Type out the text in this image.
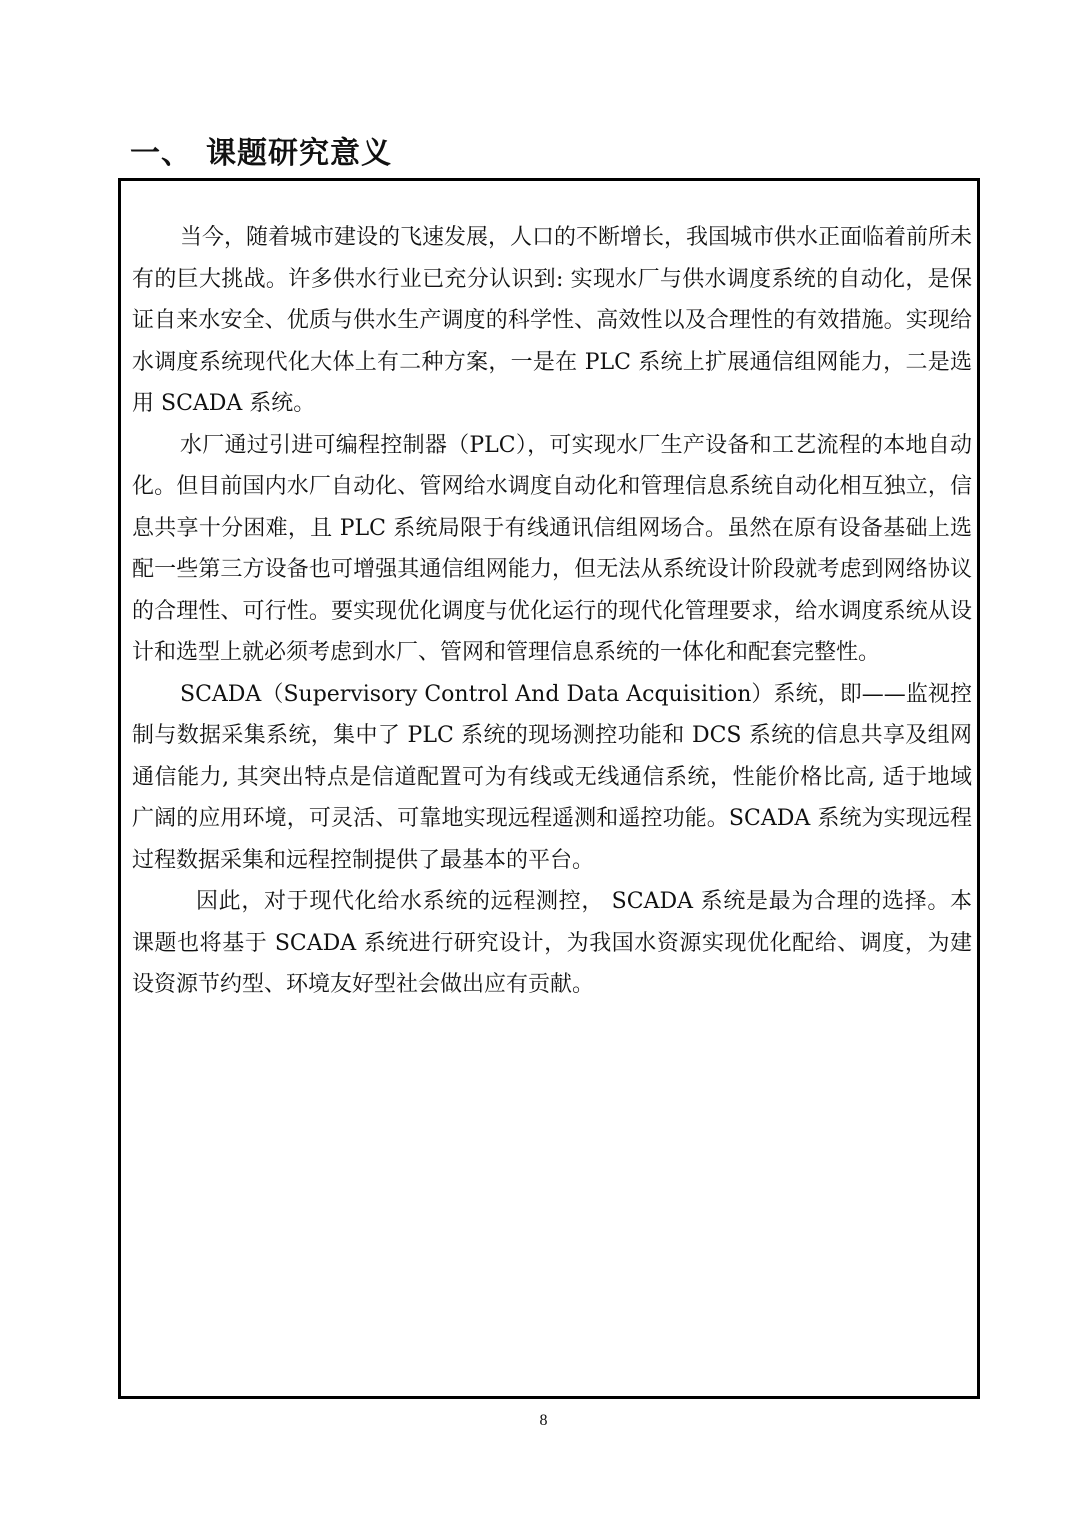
一、 课题研究意义

当今，随着城市建设的飞速发展，人口的不断增长，我国城市供水正面临着前所未有的巨大挑战。许多供水行业已充分认识到: 实现水厂与供水调度系统的自动化，是保证自来水安全、优质与供水生产调度的科学性、高效性以及合理性的有效措施。实现给水调度系统现代化大体上有二种方案，一是在 PLC 系统上扩展通信组网能力，二是选用 SCADA 系统。

水厂通过引进可编程控制器（PLC），可实现水厂生产设备和工艺流程的本地自动化。但目前国内水厂自动化、管网给水调度自动化和管理信息系统自动化相互独立，信息共享十分困难，且 PLC 系统局限于有线通讯信组网场合。虽然在原有设备基础上选配一些第三方设备也可增强其通信组网能力，但无法从系统设计阶段就考虑到网络协议的合理性、可行性。要实现优化调度与优化运行的现代化管理要求，给水调度系统从设计和选型上就必须考虑到水厂、管网和管理信息系统的一体化和配套完整性。

SCADA（Supervisory Control And Data Acquisition）系统，即——监视控制与数据采集系统，集中了 PLC 系统的现场测控功能和 DCS 系统的信息共享及组网通信能力, 其突出特点是信道配置可为有线或无线通信系统，性能价格比高, 适于地域广阔的应用环境，可灵活、可靠地实现远程遥测和遥控功能。SCADA 系统为实现远程过程数据采集和远程控制提供了最基本的平台。

因此，对于现代化给水系统的远程测控， SCADA 系统是最为合理的选择。本课题也将基于 SCADA 系统进行研究设计，为我国水资源实现优化配给、调度，为建设资源节约型、环境友好型社会做出应有贡献。

8
